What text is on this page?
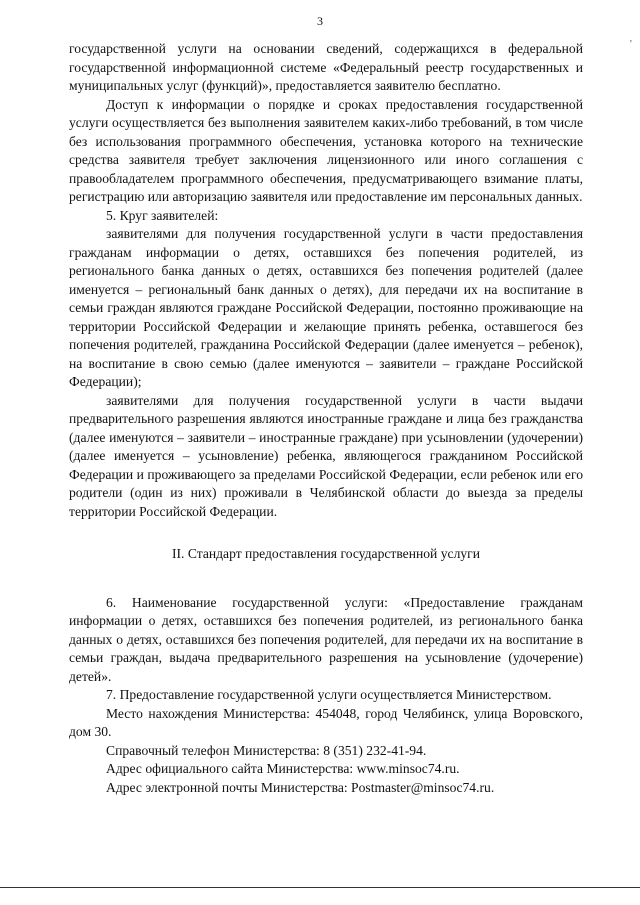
3
'

государственной услуги на основании сведений, содержащихся в федеральной государственной информационной системе «Федеральный реестр государственных и муниципальных услуг (функций)», предоставляется заявителю бесплатно.

Доступ к информации о порядке и сроках предоставления государственной услуги осуществляется без выполнения заявителем каких-либо требований, в том числе без использования программного обеспечения, установка которого на технические средства заявителя требует заключения лицензионного или иного соглашения с правообладателем программного обеспечения, предусматривающего взимание платы, регистрацию или авторизацию заявителя или предоставление им персональных данных.

5. Круг заявителей:

заявителями для получения государственной услуги в части предоставления гражданам информации о детях, оставшихся без попечения родителей, из регионального банка данных о детях, оставшихся без попечения родителей (далее именуется – региональный банк данных о детях), для передачи их на воспитание в семьи граждан являются граждане Российской Федерации, постоянно проживающие на территории Российской Федерации и желающие принять ребенка, оставшегося без попечения родителей, гражданина Российской Федерации (далее именуется – ребенок), на воспитание в свою семью (далее именуются – заявители – граждане Российской Федерации);

заявителями для получения государственной услуги в части выдачи предварительного разрешения являются иностранные граждане и лица без гражданства (далее именуются – заявители – иностранные граждане) при усыновлении (удочерении) (далее именуется – усыновление) ребенка, являющегося гражданином Российской Федерации и проживающего за пределами Российской Федерации, если ребенок или его родители (один из них) проживали в Челябинской области до выезда за пределы территории Российской Федерации.

II. Стандарт предоставления государственной услуги

6. Наименование государственной услуги: «Предоставление гражданам информации о детях, оставшихся без попечения родителей, из регионального банка данных о детях, оставшихся без попечения родителей, для передачи их на воспитание в семьи граждан, выдача предварительного разрешения на усыновление (удочерение) детей».

7. Предоставление государственной услуги осуществляется Министерством.

Место нахождения Министерства: 454048, город Челябинск, улица Воровского, дом 30.

Справочный телефон Министерства: 8 (351) 232-41-94.

Адрес официального сайта Министерства: www.minsoc74.ru.

Адрес электронной почты Министерства: Postmaster@minsoc74.ru.
